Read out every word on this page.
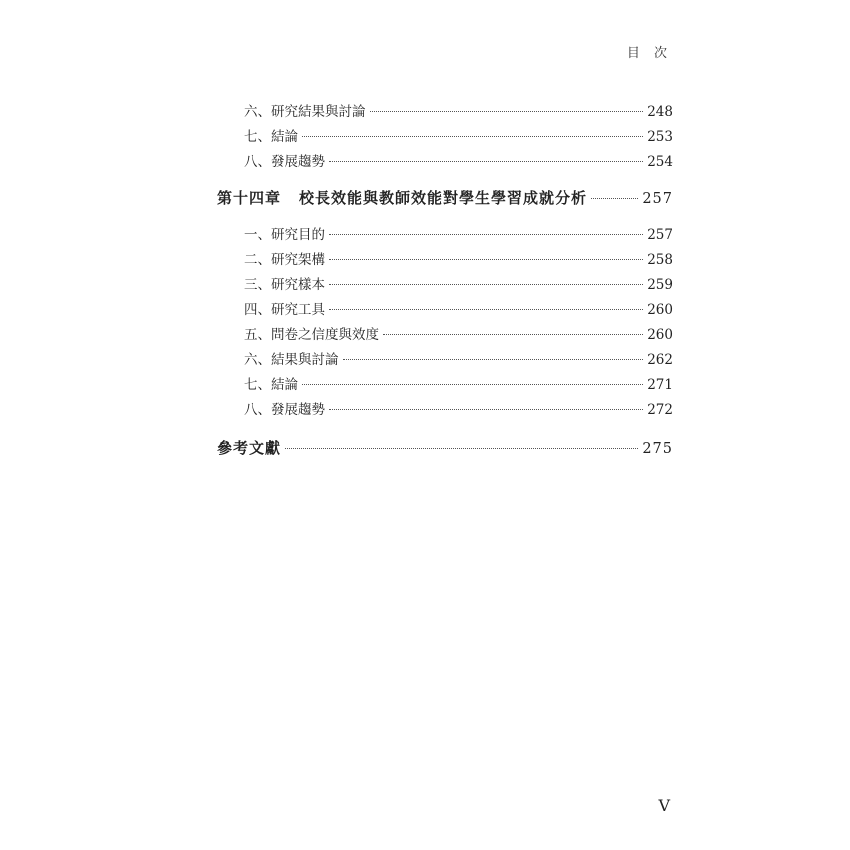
目 次
六、研究結果與討論	248
七、結論	253
八、發展趨勢	254
第十四章 校長效能與教師效能對學生學習成就分析	257
一、研究目的	257
二、研究架構	258
三、研究樣本	259
四、研究工具	260
五、問卷之信度與效度	260
六、結果與討論	262
七、結論	271
八、發展趨勢	272
參考文獻	275
V
